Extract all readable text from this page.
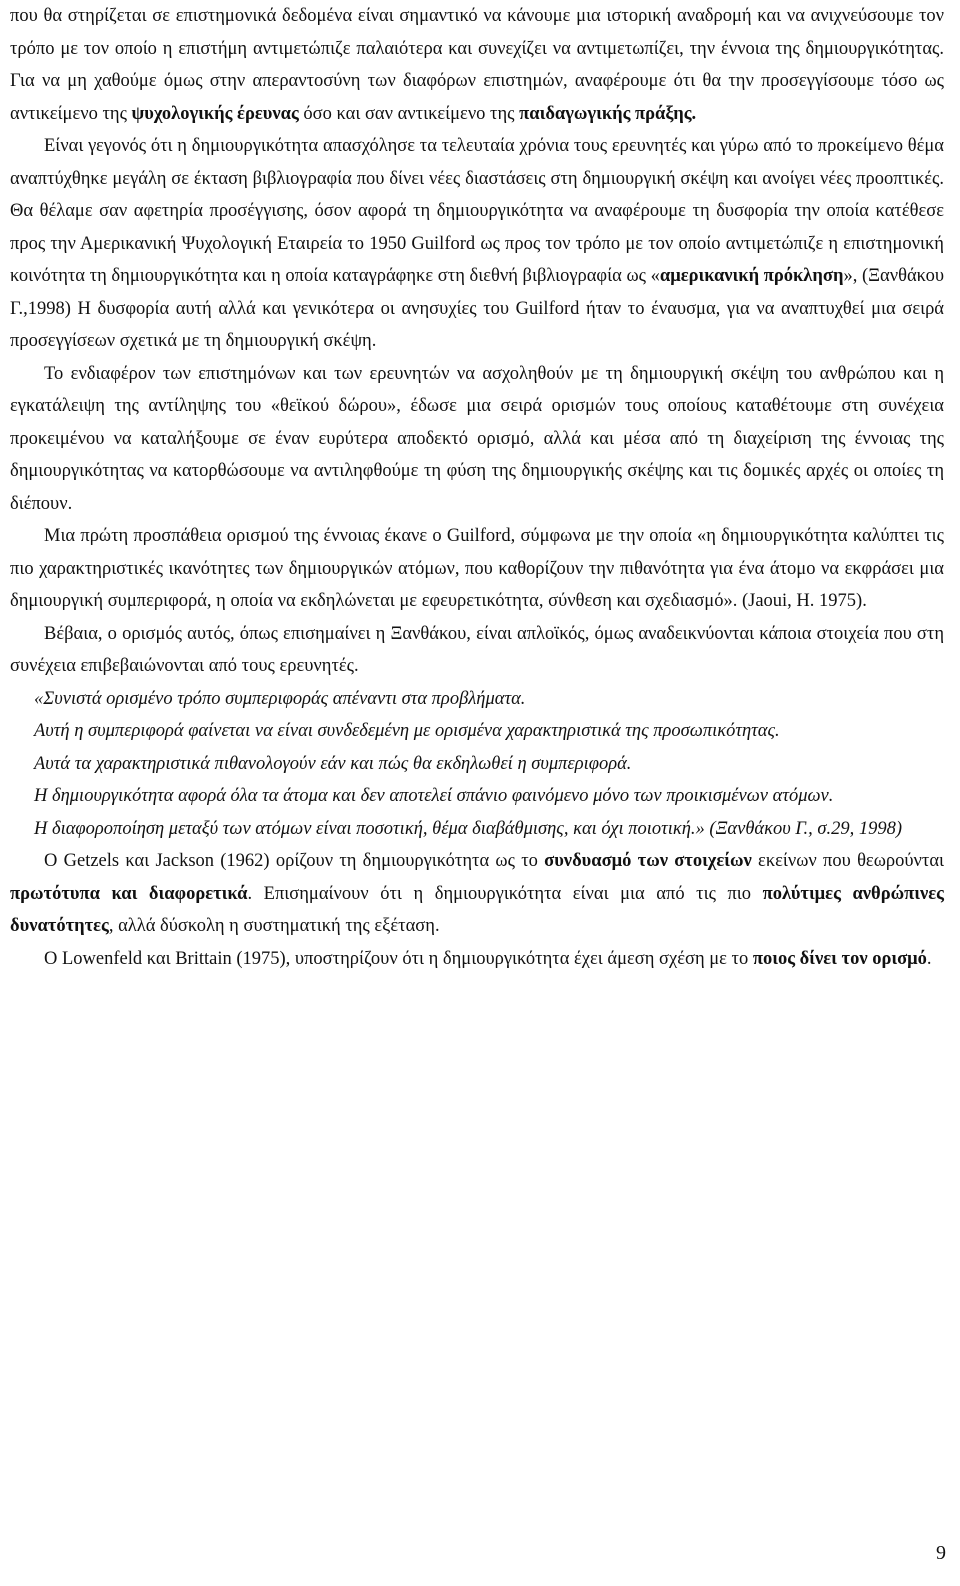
που θα στηρίζεται σε επιστημονικά δεδομένα είναι σημαντικό να κάνουμε μια ιστορική αναδρομή και να ανιχνεύσουμε τον τρόπο με τον οποίο η επιστήμη αντιμετώπιζε παλαιότερα και συνεχίζει να αντιμετωπίζει, την έννοια της δημιουργικότητας. Για να μη χαθούμε όμως στην απεραντοσύνη των διαφόρων επιστημών, αναφέρουμε ότι θα την προσεγγίσουμε τόσο ως αντικείμενο της ψυχολογικής έρευνας όσο και σαν αντικείμενο της παιδαγωγικής πράξης.

Είναι γεγονός ότι η δημιουργικότητα απασχόλησε τα τελευταία χρόνια τους ερευνητές και γύρω από το προκείμενο θέμα αναπτύχθηκε μεγάλη σε έκταση βιβλιογραφία που δίνει νέες διαστάσεις στη δημιουργική σκέψη και ανοίγει νέες προοπτικές. Θα θέλαμε σαν αφετηρία προσέγγισης, όσον αφορά τη δημιουργικότητα να αναφέρουμε τη δυσφορία την οποία κατέθεσε προς την Αμερικανική Ψυχολογική Εταιρεία το 1950 Guilford ως προς τον τρόπο με τον οποίο αντιμετώπιζε η επιστημονική κοινότητα τη δημιουργικότητα και η οποία καταγράφηκε στη διεθνή βιβλιογραφία ως «αμερικανική πρόκληση», (Ξανθάκου Γ.,1998) Η δυσφορία αυτή αλλά και γενικότερα οι ανησυχίες του Guilford ήταν το έναυσμα, για να αναπτυχθεί μια σειρά προσεγγίσεων σχετικά με τη δημιουργική σκέψη.

Το ενδιαφέρον των επιστημόνων και των ερευνητών να ασχοληθούν με τη δημιουργική σκέψη του ανθρώπου και η εγκατάλειψη της αντίληψης του «θεϊκού δώρου», έδωσε μια σειρά ορισμών τους οποίους καταθέτουμε στη συνέχεια προκειμένου να καταλήξουμε σε έναν ευρύτερα αποδεκτό ορισμό, αλλά και μέσα από τη διαχείριση της έννοιας της δημιουργικότητας να κατορθώσουμε να αντιληφθούμε τη φύση της δημιουργικής σκέψης και τις δομικές αρχές οι οποίες τη διέπουν.

Μια πρώτη προσπάθεια ορισμού της έννοιας έκανε ο Guilford, σύμφωνα με την οποία «η δημιουργικότητα καλύπτει τις πιο χαρακτηριστικές ικανότητες των δημιουργικών ατόμων, που καθορίζουν την πιθανότητα για ένα άτομο να εκφράσει μια δημιουργική συμπεριφορά, η οποία να εκδηλώνεται με εφευρετικότητα, σύνθεση και σχεδιασμό». (Jaoui, H. 1975).

Βέβαια, ο ορισμός αυτός, όπως επισημαίνει η Ξανθάκου, είναι απλοϊκός, όμως αναδεικνύονται κάποια στοιχεία που στη συνέχεια επιβεβαιώνονται από τους ερευνητές.

«Συνιστά ορισμένο τρόπο συμπεριφοράς απέναντι στα προβλήματα.

Αυτή η συμπεριφορά φαίνεται να είναι συνδεδεμένη με ορισμένα χαρακτηριστικά της προσωπικότητας.

Αυτά τα χαρακτηριστικά πιθανολογούν εάν και πώς θα εκδηλωθεί η συμπεριφορά.

Η δημιουργικότητα αφορά όλα τα άτομα και δεν αποτελεί σπάνιο φαινόμενο μόνο των προικισμένων ατόμων.

Η διαφοροποίηση μεταξύ των ατόμων είναι ποσοτική, θέμα διαβάθμισης, και όχι ποιοτική.» (Ξανθάκου Γ., σ.29, 1998)

Ο Getzels και Jackson (1962) ορίζουν τη δημιουργικότητα ως το συνδυασμό των στοιχείων εκείνων που θεωρούνται πρωτότυπα και διαφορετικά. Επισημαίνουν ότι η δημιουργικότητα είναι μια από τις πιο πολύτιμες ανθρώπινες δυνατότητες, αλλά δύσκολη η συστηματική της εξέταση.

Ο Lowenfeld και Brittain (1975), υποστηρίζουν ότι η δημιουργικότητα έχει άμεση σχέση με το ποιος δίνει τον ορισμό.

9
